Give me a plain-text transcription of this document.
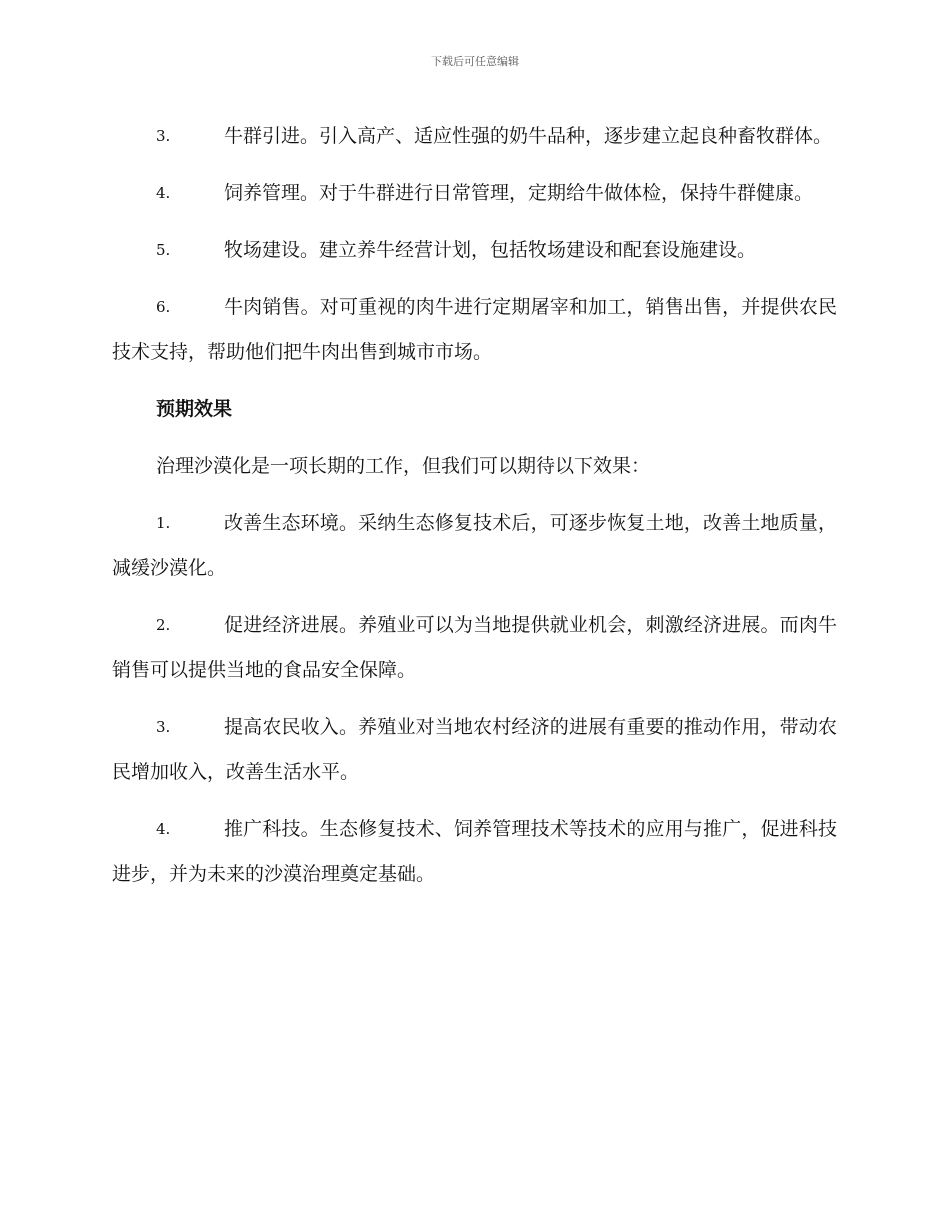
下载后可任意编辑
3.	牛群引进。引入高产、适应性强的奶牛品种，逐步建立起良种畜牧群体。
4.	饲养管理。对于牛群进行日常管理，定期给牛做体检，保持牛群健康。
5.	牧场建设。建立养牛经营计划，包括牧场建设和配套设施建设。
6.	牛肉销售。对可重视的肉牛进行定期屠宰和加工，销售出售，并提供农民技术支持，帮助他们把牛肉出售到城市市场。
预期效果
治理沙漠化是一项长期的工作，但我们可以期待以下效果：
1.	改善生态环境。采纳生态修复技术后，可逐步恢复土地，改善土地质量，减缓沙漠化。
2.	促进经济进展。养殖业可以为当地提供就业机会，刺激经济进展。而肉牛销售可以提供当地的食品安全保障。
3.	提高农民收入。养殖业对当地农村经济的进展有重要的推动作用，带动农民增加收入，改善生活水平。
4.	推广科技。生态修复技术、饲养管理技术等技术的应用与推广，促进科技进步，并为未来的沙漠治理奠定基础。
